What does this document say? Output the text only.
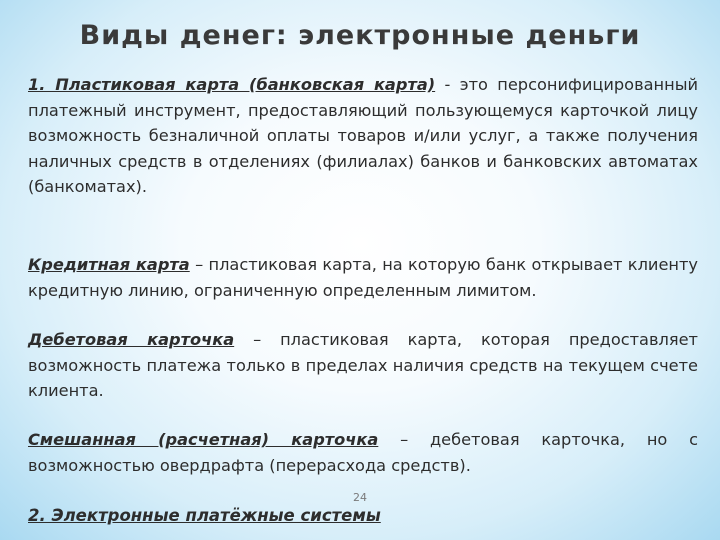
Виды денег: электронные деньги
1. Пластиковая карта (банковская карта) - это персонифицированный платежный инструмент, предоставляющий пользующемуся карточкой лицу возможность безналичной оплаты товаров и/или услуг, а также получения наличных средств в отделениях (филиалах) банков и банковских автоматах (банкоматах).
Кредитная карта – пластиковая карта, на которую банк открывает клиенту кредитную линию, ограниченную определенным лимитом.
Дебетовая карточка – пластиковая карта, которая предоставляет возможность платежа только в пределах наличия средств на текущем счете клиента.
Смешанная (расчетная) карточка – дебетовая карточка, но с возможностью овердрафта (перерасхода средств).
24
2. Электронные платёжные системы
